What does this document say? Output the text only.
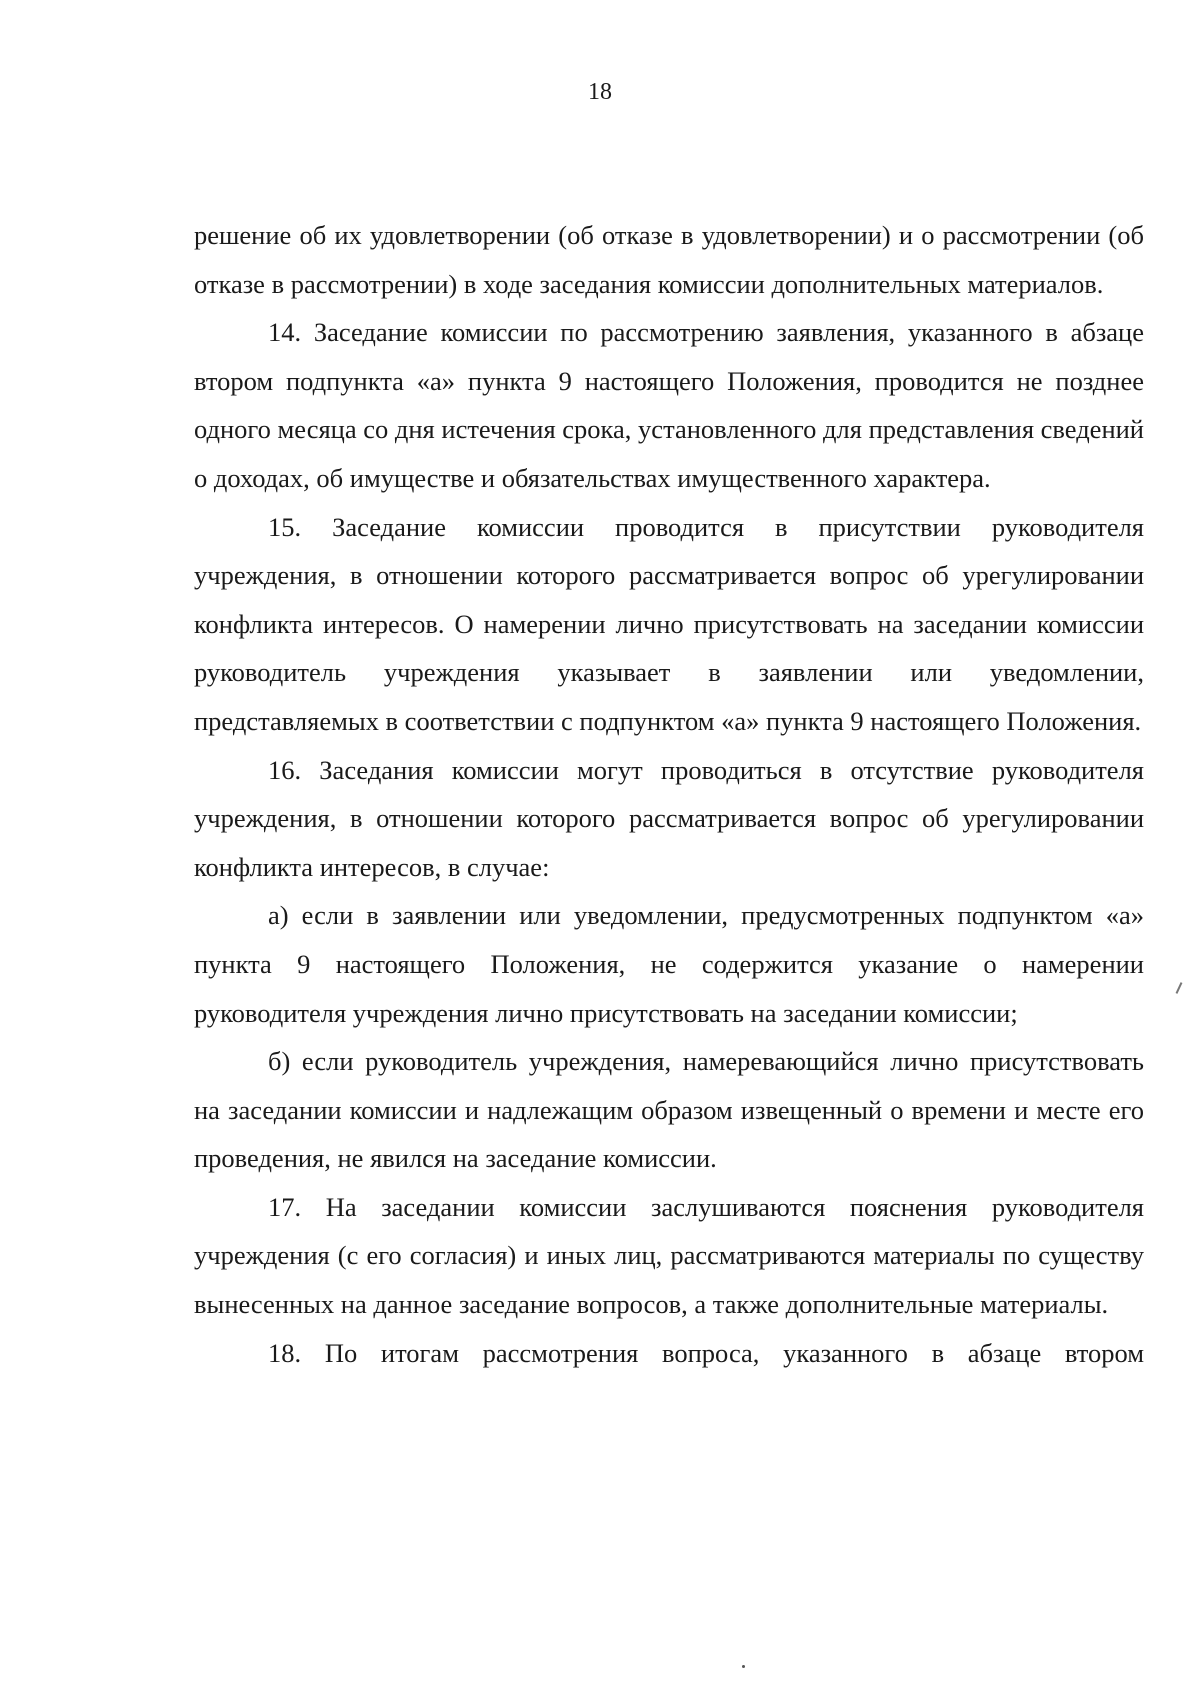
18

решение об их удовлетворении (об отказе в удовлетворении) и о рассмотрении (об отказе в рассмотрении) в ходе заседания комиссии дополнительных материалов.

14. Заседание комиссии по рассмотрению заявления, указанного в абзаце втором подпункта «а» пункта 9 настоящего Положения, проводится не позднее одного месяца со дня истечения срока, установленного для представления сведений о доходах, об имуществе и обязательствах имущественного характера.

15. Заседание комиссии проводится в присутствии руководителя учреждения, в отношении которого рассматривается вопрос об урегулировании конфликта интересов. О намерении лично присутствовать на заседании комиссии руководитель учреждения указывает в заявлении или уведомлении, представляемых в соответствии с подпунктом «а» пункта 9 настоящего Положения.

16. Заседания комиссии могут проводиться в отсутствие руководителя учреждения, в отношении которого рассматривается вопрос об урегулировании конфликта интересов, в случае:

а) если в заявлении или уведомлении, предусмотренных подпунктом «а» пункта 9 настоящего Положения, не содержится указание о намерении руководителя учреждения лично присутствовать на заседании комиссии;

б) если руководитель учреждения, намеревающийся лично присутствовать на заседании комиссии и надлежащим образом извещенный о времени и месте его проведения, не явился на заседание комиссии.

17. На заседании комиссии заслушиваются пояснения руководителя учреждения (с его согласия) и иных лиц, рассматриваются материалы по существу вынесенных на данное заседание вопросов, а также дополнительные материалы.

18. По итогам рассмотрения вопроса, указанного в абзаце втором
